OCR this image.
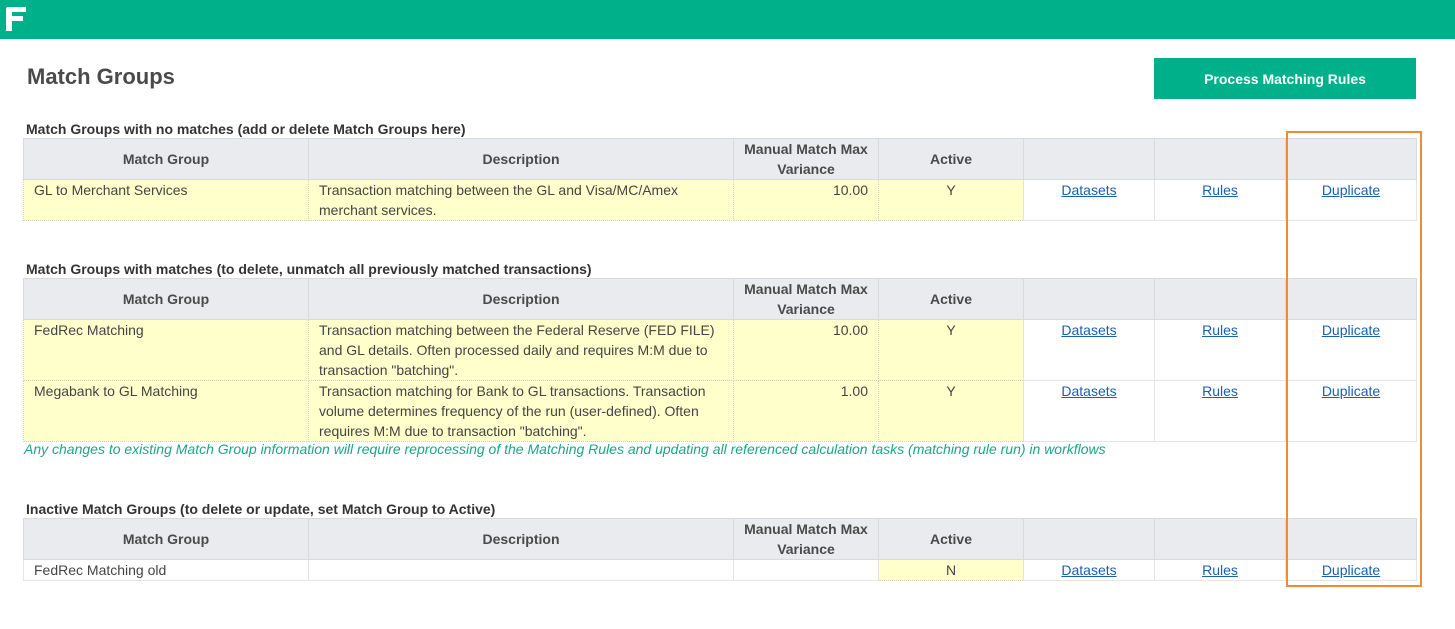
Match Groups	Process Matching Rules
Match Groups with no matches (add or delete Match Groups here)
Match Group	Description	Manual Match Max Variance	Active			
GL to Merchant Services	Transaction matching between the GL and Visa/MC/Amex merchant services.	10.00	Y	Datasets	Rules	Duplicate
Match Groups with matches (to delete, unmatch all previously matched transactions)
Match Group	Description	Manual Match Max Variance	Active			
FedRec Matching	Transaction matching between the Federal Reserve (FED FILE) and GL details. Often processed daily and requires M:M due to transaction "batching".	10.00	Y	Datasets	Rules	Duplicate
Megabank to GL Matching	Transaction matching for Bank to GL transactions. Transaction volume determines frequency of the run (user-defined). Often requires M:M due to transaction "batching".	1.00	Y	Datasets	Rules	Duplicate
Any changes to existing Match Group information will require reprocessing of the Matching Rules and updating all referenced calculation tasks (matching rule run) in workflows
Inactive Match Groups (to delete or update, set Match Group to Active)
Match Group	Description	Manual Match Max Variance	Active			
FedRec Matching old			N	Datasets	Rules	Duplicate
